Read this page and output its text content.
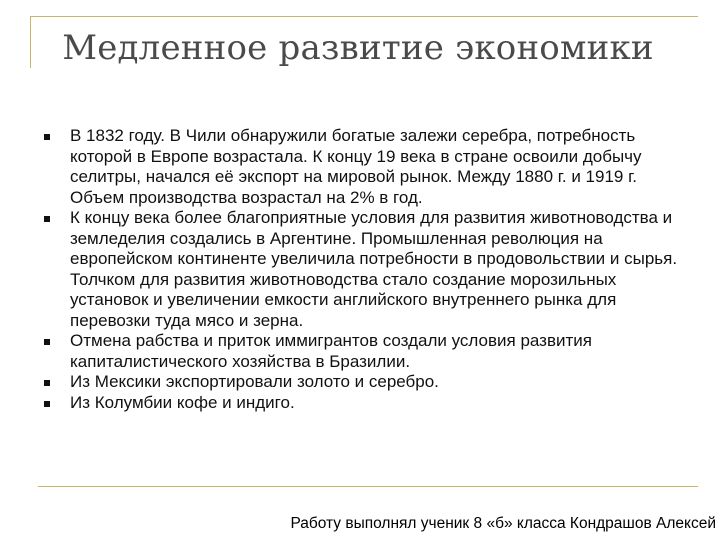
Медленное развитие экономики
В 1832 году. В Чили обнаружили богатые залежи серебра, потребность которой в Европе возрастала. К концу 19 века в стране освоили добычу селитры, начался её экспорт на мировой рынок. Между 1880 г. и 1919 г. Объем производства возрастал на 2% в год.
К концу века более благоприятные условия для развития животноводства и земледелия создались в Аргентине. Промышленная революция на европейском континенте увеличила потребности в продовольствии и сырья. Толчком для развития животноводства стало создание морозильных установок и увеличении емкости английского внутреннего рынка для перевозки туда мясо и зерна.
Отмена рабства и приток иммигрантов создали условия развития капиталистического хозяйства в Бразилии.
Из Мексики экспортировали золото и серебро.
Из Колумбии кофе и индиго.
Работу выполнял ученик 8 «б» класса Кондрашов Алексей
